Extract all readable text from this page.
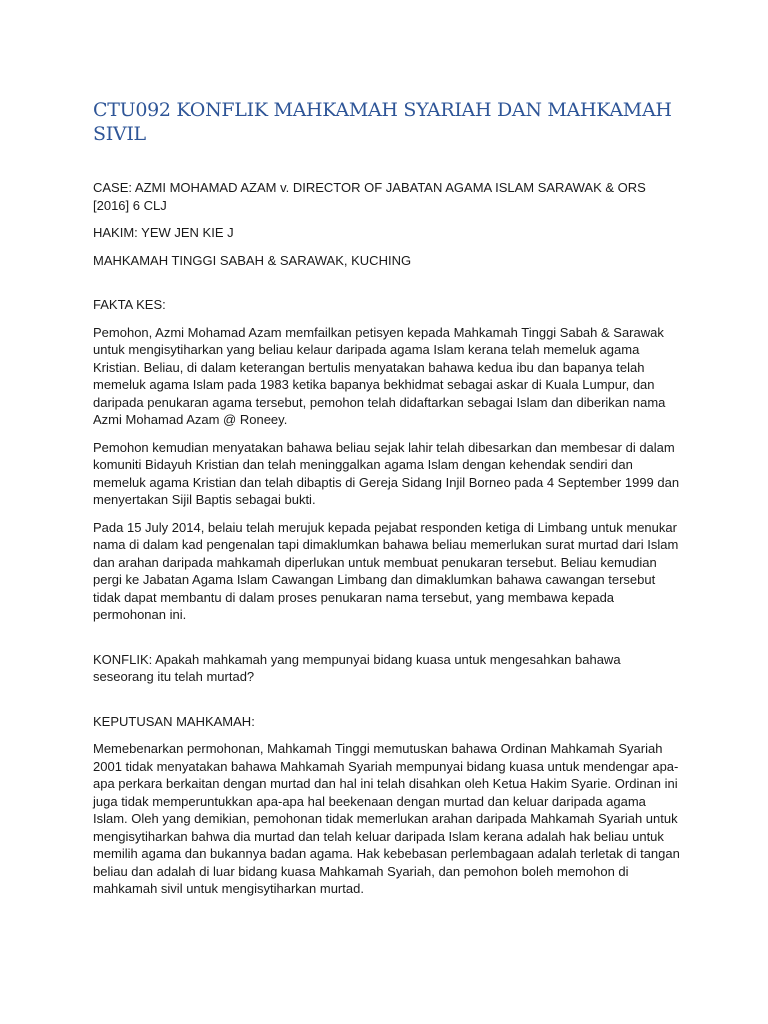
CTU092 KONFLIK MAHKAMAH SYARIAH DAN MAHKAMAH SIVIL

CASE: AZMI MOHAMAD AZAM v. DIRECTOR OF JABATAN AGAMA ISLAM SARAWAK & ORS [2016] 6 CLJ

HAKIM: YEW JEN KIE J

MAHKAMAH TINGGI SABAH & SARAWAK, KUCHING

FAKTA KES:

Pemohon, Azmi Mohamad Azam memfailkan petisyen kepada Mahkamah Tinggi Sabah & Sarawak untuk mengisytiharkan yang beliau kelaur daripada agama Islam kerana telah memeluk agama Kristian. Beliau, di dalam keterangan bertulis menyatakan bahawa kedua ibu dan bapanya telah memeluk agama Islam pada 1983 ketika bapanya bekhidmat sebagai askar di Kuala Lumpur, dan daripada penukaran agama tersebut, pemohon telah didaftarkan sebagai Islam dan diberikan nama Azmi Mohamad Azam @ Roneey.

Pemohon kemudian menyatakan bahawa beliau sejak lahir telah dibesarkan dan membesar di dalam komuniti Bidayuh Kristian dan telah meninggalkan agama Islam dengan kehendak sendiri dan memeluk agama Kristian dan telah dibaptis di Gereja Sidang Injil Borneo pada 4 September 1999 dan menyertakan Sijil Baptis sebagai bukti.

Pada 15 July 2014, belaiu telah merujuk kepada pejabat responden ketiga di Limbang untuk menukar nama di dalam kad pengenalan tapi dimaklumkan bahawa beliau memerlukan surat murtad dari Islam dan arahan daripada mahkamah diperlukan untuk membuat penukaran tersebut. Beliau kemudian pergi ke Jabatan Agama Islam Cawangan Limbang dan dimaklumkan bahawa cawangan tersebut tidak dapat membantu di dalam proses penukaran nama tersebut, yang membawa kepada permohonan ini.

KONFLIK: Apakah mahkamah yang mempunyai bidang kuasa untuk mengesahkan bahawa seseorang itu telah murtad?

KEPUTUSAN MAHKAMAH:

Memebenarkan permohonan, Mahkamah Tinggi memutuskan bahawa Ordinan Mahkamah Syariah 2001 tidak menyatakan bahawa Mahkamah Syariah mempunyai bidang kuasa untuk mendengar apa-apa perkara berkaitan dengan murtad dan hal ini telah disahkan oleh Ketua Hakim Syarie. Ordinan ini juga tidak memperuntukkan apa-apa hal beekenaan dengan murtad dan keluar daripada agama Islam. Oleh yang demikian, pemohonan tidak memerlukan arahan daripada Mahkamah Syariah untuk mengisytiharkan bahwa dia murtad dan telah keluar daripada Islam kerana adalah hak beliau untuk memilih agama dan bukannya badan agama. Hak kebebasan perlembagaan adalah terletak di tangan beliau dan adalah di luar bidang kuasa Mahkamah Syariah, dan pemohon boleh memohon di mahkamah sivil untuk mengisytiharkan murtad.
